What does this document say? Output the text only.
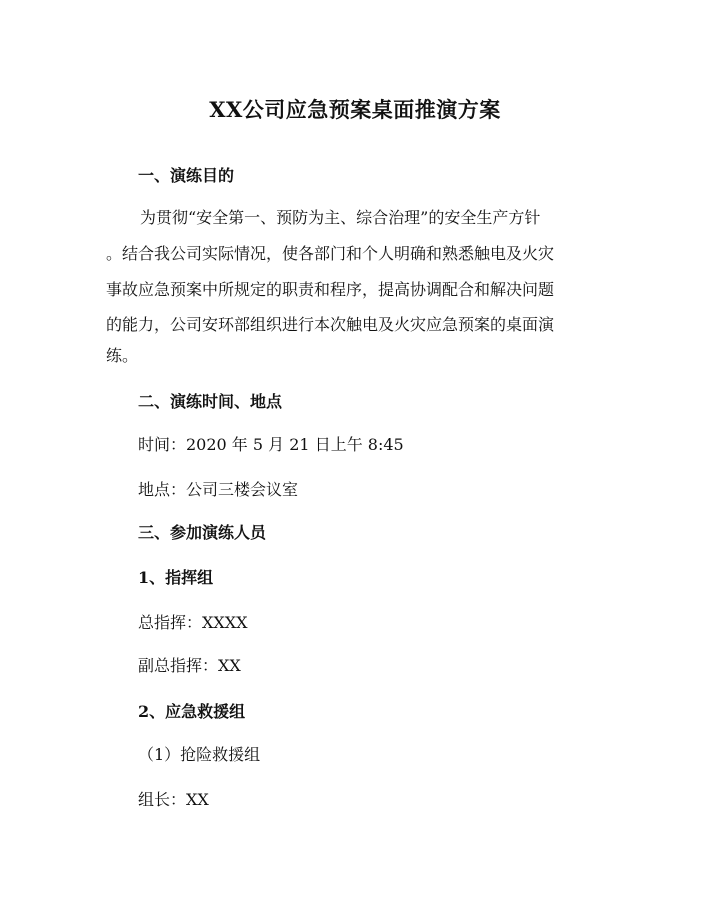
XX公司应急预案桌面推演方案
一、演练目的
为贯彻“安全第一、预防为主、综合治理”的安全生产方针
。结合我公司实际情况，使各部门和个人明确和熟悉触电及火灾
事故应急预案中所规定的职责和程序，提高协调配合和解决问题
的能力，公司安环部组织进行本次触电及火灾应急预案的桌面演
练。
二、演练时间、地点
时间：2020 年 5 月 21 日上午 8:45
地点：公司三楼会议室
三、参加演练人员
1、指挥组
总指挥：XXXX
副总指挥：XX
2、应急救援组
（1）抢险救援组
组长：XX
